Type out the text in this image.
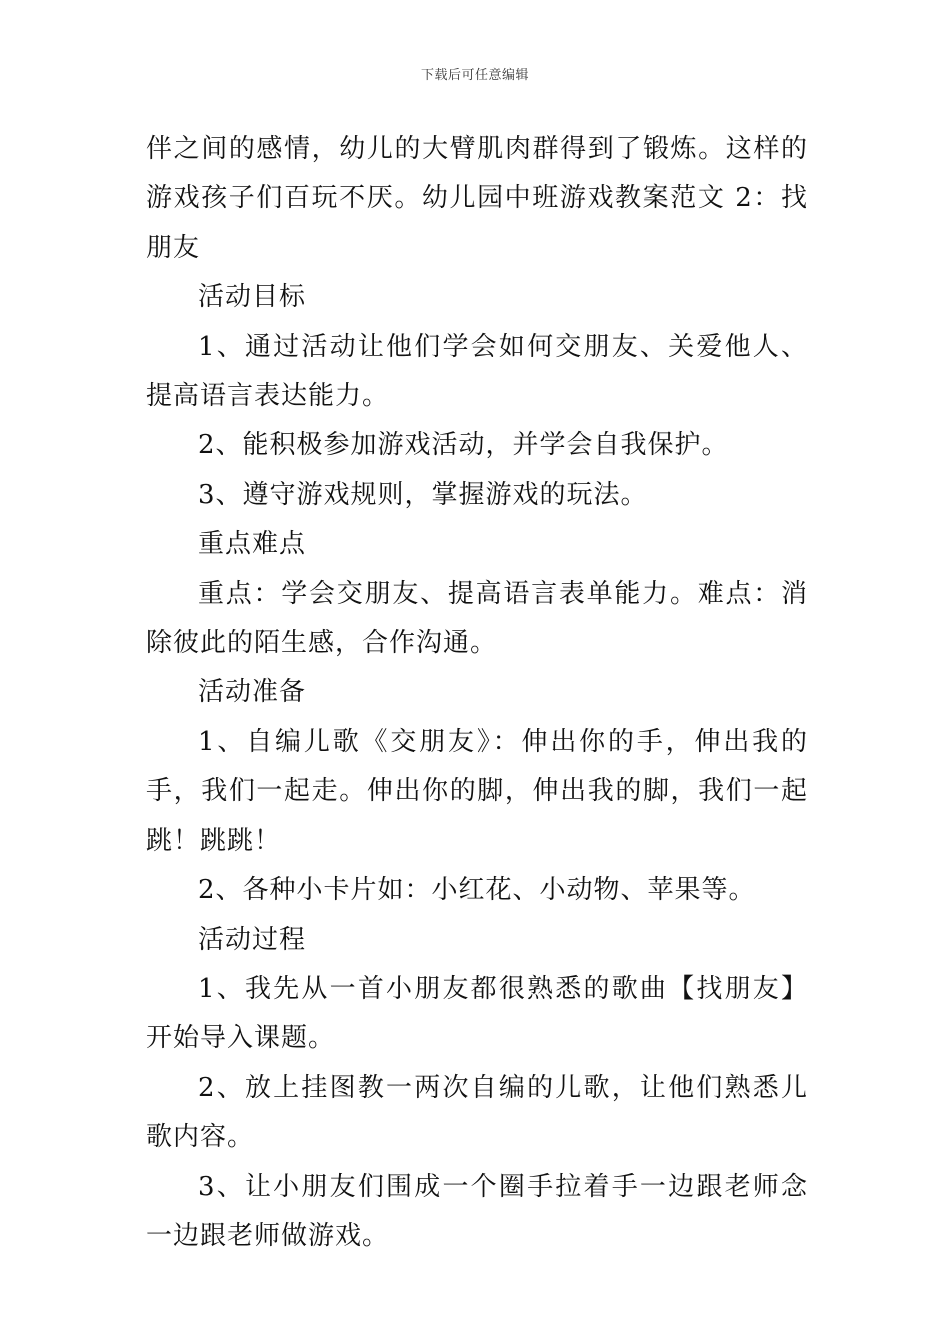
下载后可任意编辑

伴之间的感情，幼儿的大臂肌肉群得到了锻炼。这样的游戏孩子们百玩不厌。幼儿园中班游戏教案范文 2：找朋友

活动目标

1、通过活动让他们学会如何交朋友、关爱他人、提高语言表达能力。

2、能积极参加游戏活动，并学会自我保护。

3、遵守游戏规则，掌握游戏的玩法。

重点难点

重点：学会交朋友、提高语言表单能力。难点：消除彼此的陌生感，合作沟通。

活动准备

1、自编儿歌《交朋友》：伸出你的手，伸出我的手，我们一起走。伸出你的脚，伸出我的脚，我们一起跳！跳跳！

2、各种小卡片如：小红花、小动物、苹果等。

活动过程

1、我先从一首小朋友都很熟悉的歌曲【找朋友】开始导入课题。

2、放上挂图教一两次自编的儿歌，让他们熟悉儿歌内容。

3、让小朋友们围成一个圈手拉着手一边跟老师念一边跟老师做游戏。
